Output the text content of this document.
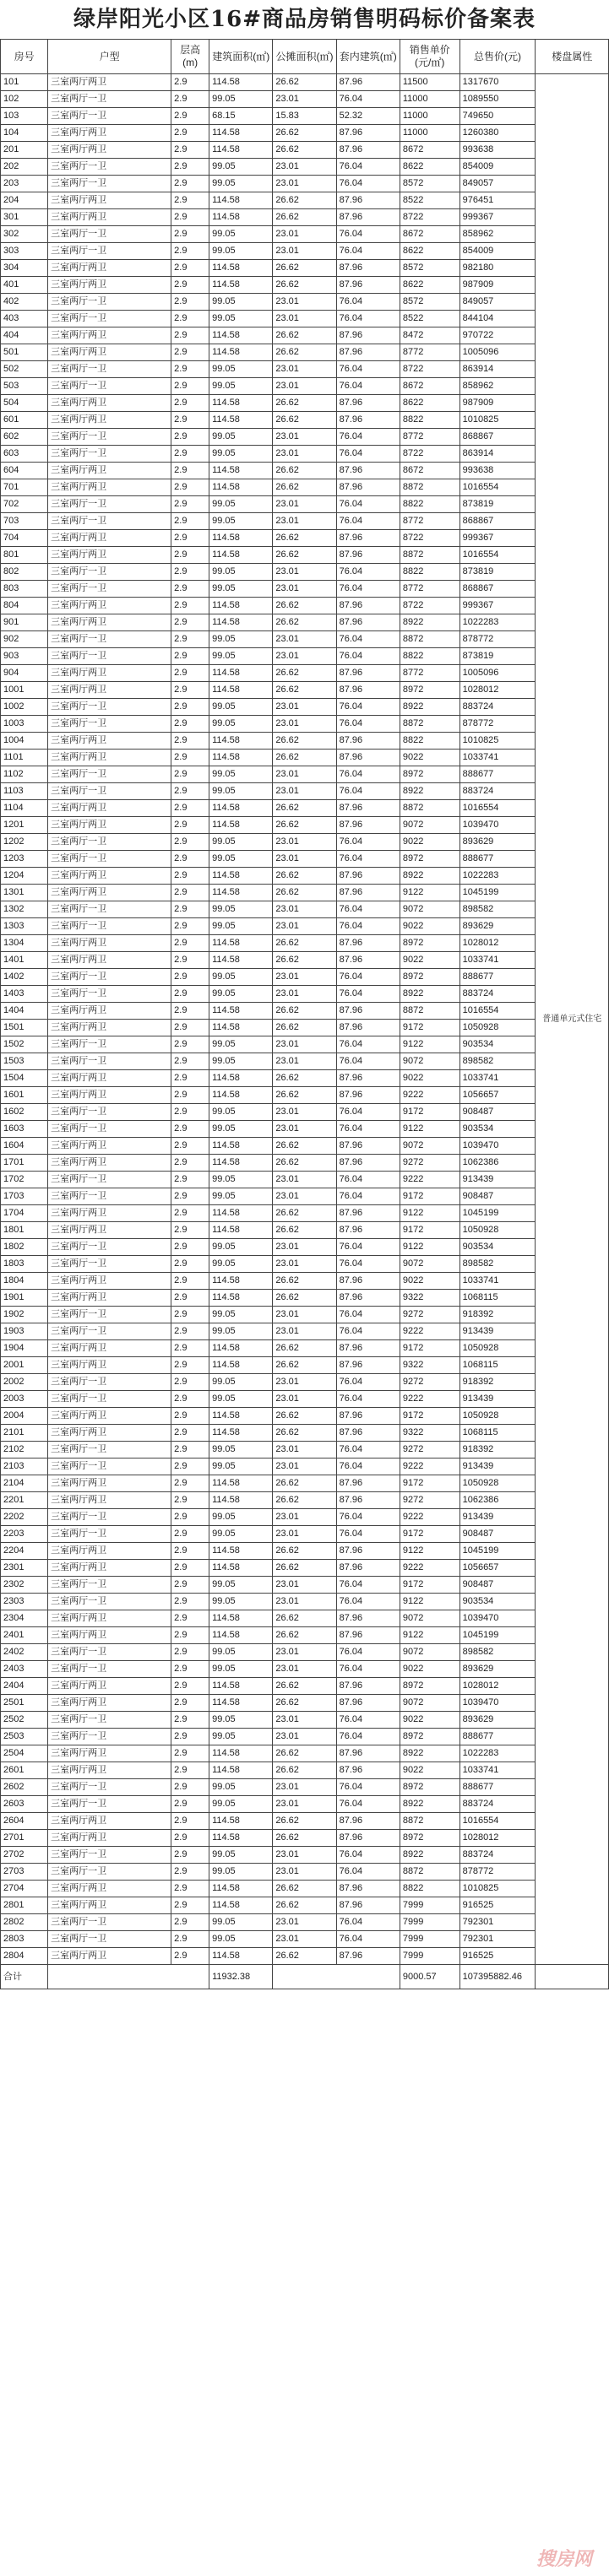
绿岸阳光小区16#商品房销售明码标价备案表
房号	户型	层高(m)	建筑面积(㎡)	公摊面积(㎡)	套内建筑(㎡)	销售单价(元/㎡)	总售价(元)	楼盘属性
101	三室两厅两卫	2.9	114.58	26.62	87.96	11500	1317670	普通单元式住宅
102	三室两厅一卫	2.9	99.05	23.01	76.04	11000	1089550	
103	三室两厅一卫	2.9	68.15	15.83	52.32	11000	749650	
104	三室两厅两卫	2.9	114.58	26.62	87.96	11000	1260380	
201	三室两厅两卫	2.9	114.58	26.62	87.96	8672	993638	
202	三室两厅一卫	2.9	99.05	23.01	76.04	8622	854009	
203	三室两厅一卫	2.9	99.05	23.01	76.04	8572	849057	
204	三室两厅两卫	2.9	114.58	26.62	87.96	8522	976451	
301	三室两厅两卫	2.9	114.58	26.62	87.96	8722	999367	
302	三室两厅一卫	2.9	99.05	23.01	76.04	8672	858962	
303	三室两厅一卫	2.9	99.05	23.01	76.04	8622	854009	
304	三室两厅两卫	2.9	114.58	26.62	87.96	8572	982180	
401	三室两厅两卫	2.9	114.58	26.62	87.96	8622	987909	
402	三室两厅一卫	2.9	99.05	23.01	76.04	8572	849057	
403	三室两厅一卫	2.9	99.05	23.01	76.04	8522	844104	
404	三室两厅两卫	2.9	114.58	26.62	87.96	8472	970722	
501	三室两厅两卫	2.9	114.58	26.62	87.96	8772	1005096	
502	三室两厅一卫	2.9	99.05	23.01	76.04	8722	863914	
503	三室两厅一卫	2.9	99.05	23.01	76.04	8672	858962	
504	三室两厅两卫	2.9	114.58	26.62	87.96	8622	987909	
601	三室两厅两卫	2.9	114.58	26.62	87.96	8822	1010825	
602	三室两厅一卫	2.9	99.05	23.01	76.04	8772	868867	
603	三室两厅一卫	2.9	99.05	23.01	76.04	8722	863914	
604	三室两厅两卫	2.9	114.58	26.62	87.96	8672	993638	
701	三室两厅两卫	2.9	114.58	26.62	87.96	8872	1016554	
702	三室两厅一卫	2.9	99.05	23.01	76.04	8822	873819	
703	三室两厅一卫	2.9	99.05	23.01	76.04	8772	868867	
704	三室两厅两卫	2.9	114.58	26.62	87.96	8722	999367	
801	三室两厅两卫	2.9	114.58	26.62	87.96	8872	1016554	
802	三室两厅一卫	2.9	99.05	23.01	76.04	8822	873819	
803	三室两厅一卫	2.9	99.05	23.01	76.04	8772	868867	
804	三室两厅两卫	2.9	114.58	26.62	87.96	8722	999367	
901	三室两厅两卫	2.9	114.58	26.62	87.96	8922	1022283	
902	三室两厅一卫	2.9	99.05	23.01	76.04	8872	878772	
903	三室两厅一卫	2.9	99.05	23.01	76.04	8822	873819	
904	三室两厅两卫	2.9	114.58	26.62	87.96	8772	1005096	
1001	三室两厅两卫	2.9	114.58	26.62	87.96	8972	1028012	
1002	三室两厅一卫	2.9	99.05	23.01	76.04	8922	883724	
1003	三室两厅一卫	2.9	99.05	23.01	76.04	8872	878772	
1004	三室两厅两卫	2.9	114.58	26.62	87.96	8822	1010825	
1101	三室两厅两卫	2.9	114.58	26.62	87.96	9022	1033741	
1102	三室两厅一卫	2.9	99.05	23.01	76.04	8972	888677	
1103	三室两厅一卫	2.9	99.05	23.01	76.04	8922	883724	
1104	三室两厅两卫	2.9	114.58	26.62	87.96	8872	1016554	
1201	三室两厅两卫	2.9	114.58	26.62	87.96	9072	1039470	
1202	三室两厅一卫	2.9	99.05	23.01	76.04	9022	893629	
1203	三室两厅一卫	2.9	99.05	23.01	76.04	8972	888677	
1204	三室两厅两卫	2.9	114.58	26.62	87.96	8922	1022283	
1301	三室两厅两卫	2.9	114.58	26.62	87.96	9122	1045199	
1302	三室两厅一卫	2.9	99.05	23.01	76.04	9072	898582	
1303	三室两厅一卫	2.9	99.05	23.01	76.04	9022	893629	
1304	三室两厅两卫	2.9	114.58	26.62	87.96	8972	1028012	
1401	三室两厅两卫	2.9	114.58	26.62	87.96	9022	1033741	
1402	三室两厅一卫	2.9	99.05	23.01	76.04	8972	888677	
1403	三室两厅一卫	2.9	99.05	23.01	76.04	8922	883724	
1404	三室两厅两卫	2.9	114.58	26.62	87.96	8872	1016554	
1501	三室两厅两卫	2.9	114.58	26.62	87.96	9172	1050928	
1502	三室两厅一卫	2.9	99.05	23.01	76.04	9122	903534	
1503	三室两厅一卫	2.9	99.05	23.01	76.04	9072	898582	
1504	三室两厅两卫	2.9	114.58	26.62	87.96	9022	1033741	
1601	三室两厅两卫	2.9	114.58	26.62	87.96	9222	1056657	
1602	三室两厅一卫	2.9	99.05	23.01	76.04	9172	908487	
1603	三室两厅一卫	2.9	99.05	23.01	76.04	9122	903534	
1604	三室两厅两卫	2.9	114.58	26.62	87.96	9072	1039470	
1701	三室两厅两卫	2.9	114.58	26.62	87.96	9272	1062386	
1702	三室两厅一卫	2.9	99.05	23.01	76.04	9222	913439	
1703	三室两厅一卫	2.9	99.05	23.01	76.04	9172	908487	
1704	三室两厅两卫	2.9	114.58	26.62	87.96	9122	1045199	
1801	三室两厅两卫	2.9	114.58	26.62	87.96	9172	1050928	
1802	三室两厅一卫	2.9	99.05	23.01	76.04	9122	903534	
1803	三室两厅一卫	2.9	99.05	23.01	76.04	9072	898582	
1804	三室两厅两卫	2.9	114.58	26.62	87.96	9022	1033741	
1901	三室两厅两卫	2.9	114.58	26.62	87.96	9322	1068115	
1902	三室两厅一卫	2.9	99.05	23.01	76.04	9272	918392	
1903	三室两厅一卫	2.9	99.05	23.01	76.04	9222	913439	
1904	三室两厅两卫	2.9	114.58	26.62	87.96	9172	1050928	
2001	三室两厅两卫	2.9	114.58	26.62	87.96	9322	1068115	
2002	三室两厅一卫	2.9	99.05	23.01	76.04	9272	918392	
2003	三室两厅一卫	2.9	99.05	23.01	76.04	9222	913439	
2004	三室两厅两卫	2.9	114.58	26.62	87.96	9172	1050928	
2101	三室两厅两卫	2.9	114.58	26.62	87.96	9322	1068115	
2102	三室两厅一卫	2.9	99.05	23.01	76.04	9272	918392	
2103	三室两厅一卫	2.9	99.05	23.01	76.04	9222	913439	
2104	三室两厅两卫	2.9	114.58	26.62	87.96	9172	1050928	
2201	三室两厅两卫	2.9	114.58	26.62	87.96	9272	1062386	
2202	三室两厅一卫	2.9	99.05	23.01	76.04	9222	913439	
2203	三室两厅一卫	2.9	99.05	23.01	76.04	9172	908487	
2204	三室两厅两卫	2.9	114.58	26.62	87.96	9122	1045199	
2301	三室两厅两卫	2.9	114.58	26.62	87.96	9222	1056657	
2302	三室两厅一卫	2.9	99.05	23.01	76.04	9172	908487	
2303	三室两厅一卫	2.9	99.05	23.01	76.04	9122	903534	
2304	三室两厅两卫	2.9	114.58	26.62	87.96	9072	1039470	
2401	三室两厅两卫	2.9	114.58	26.62	87.96	9122	1045199	
2402	三室两厅一卫	2.9	99.05	23.01	76.04	9072	898582	
2403	三室两厅一卫	2.9	99.05	23.01	76.04	9022	893629	
2404	三室两厅两卫	2.9	114.58	26.62	87.96	8972	1028012	
2501	三室两厅两卫	2.9	114.58	26.62	87.96	9072	1039470	
2502	三室两厅一卫	2.9	99.05	23.01	76.04	9022	893629	
2503	三室两厅一卫	2.9	99.05	23.01	76.04	8972	888677	
2504	三室两厅两卫	2.9	114.58	26.62	87.96	8922	1022283	
2601	三室两厅两卫	2.9	114.58	26.62	87.96	9022	1033741	
2602	三室两厅一卫	2.9	99.05	23.01	76.04	8972	888677	
2603	三室两厅一卫	2.9	99.05	23.01	76.04	8922	883724	
2604	三室两厅两卫	2.9	114.58	26.62	87.96	8872	1016554	
2701	三室两厅两卫	2.9	114.58	26.62	87.96	8972	1028012	
2702	三室两厅一卫	2.9	99.05	23.01	76.04	8922	883724	
2703	三室两厅一卫	2.9	99.05	23.01	76.04	8872	878772	
2704	三室两厅两卫	2.9	114.58	26.62	87.96	8822	1010825	
2801	三室两厅两卫	2.9	114.58	26.62	87.96	7999	916525	
2802	三室两厅一卫	2.9	99.05	23.01	76.04	7999	792301	
2803	三室两厅一卫	2.9	99.05	23.01	76.04	7999	792301	
2804	三室两厅两卫	2.9	114.58	26.62	87.96	7999	916525	
合计			11932.38			9000.57	107395882.46	
搜房网
